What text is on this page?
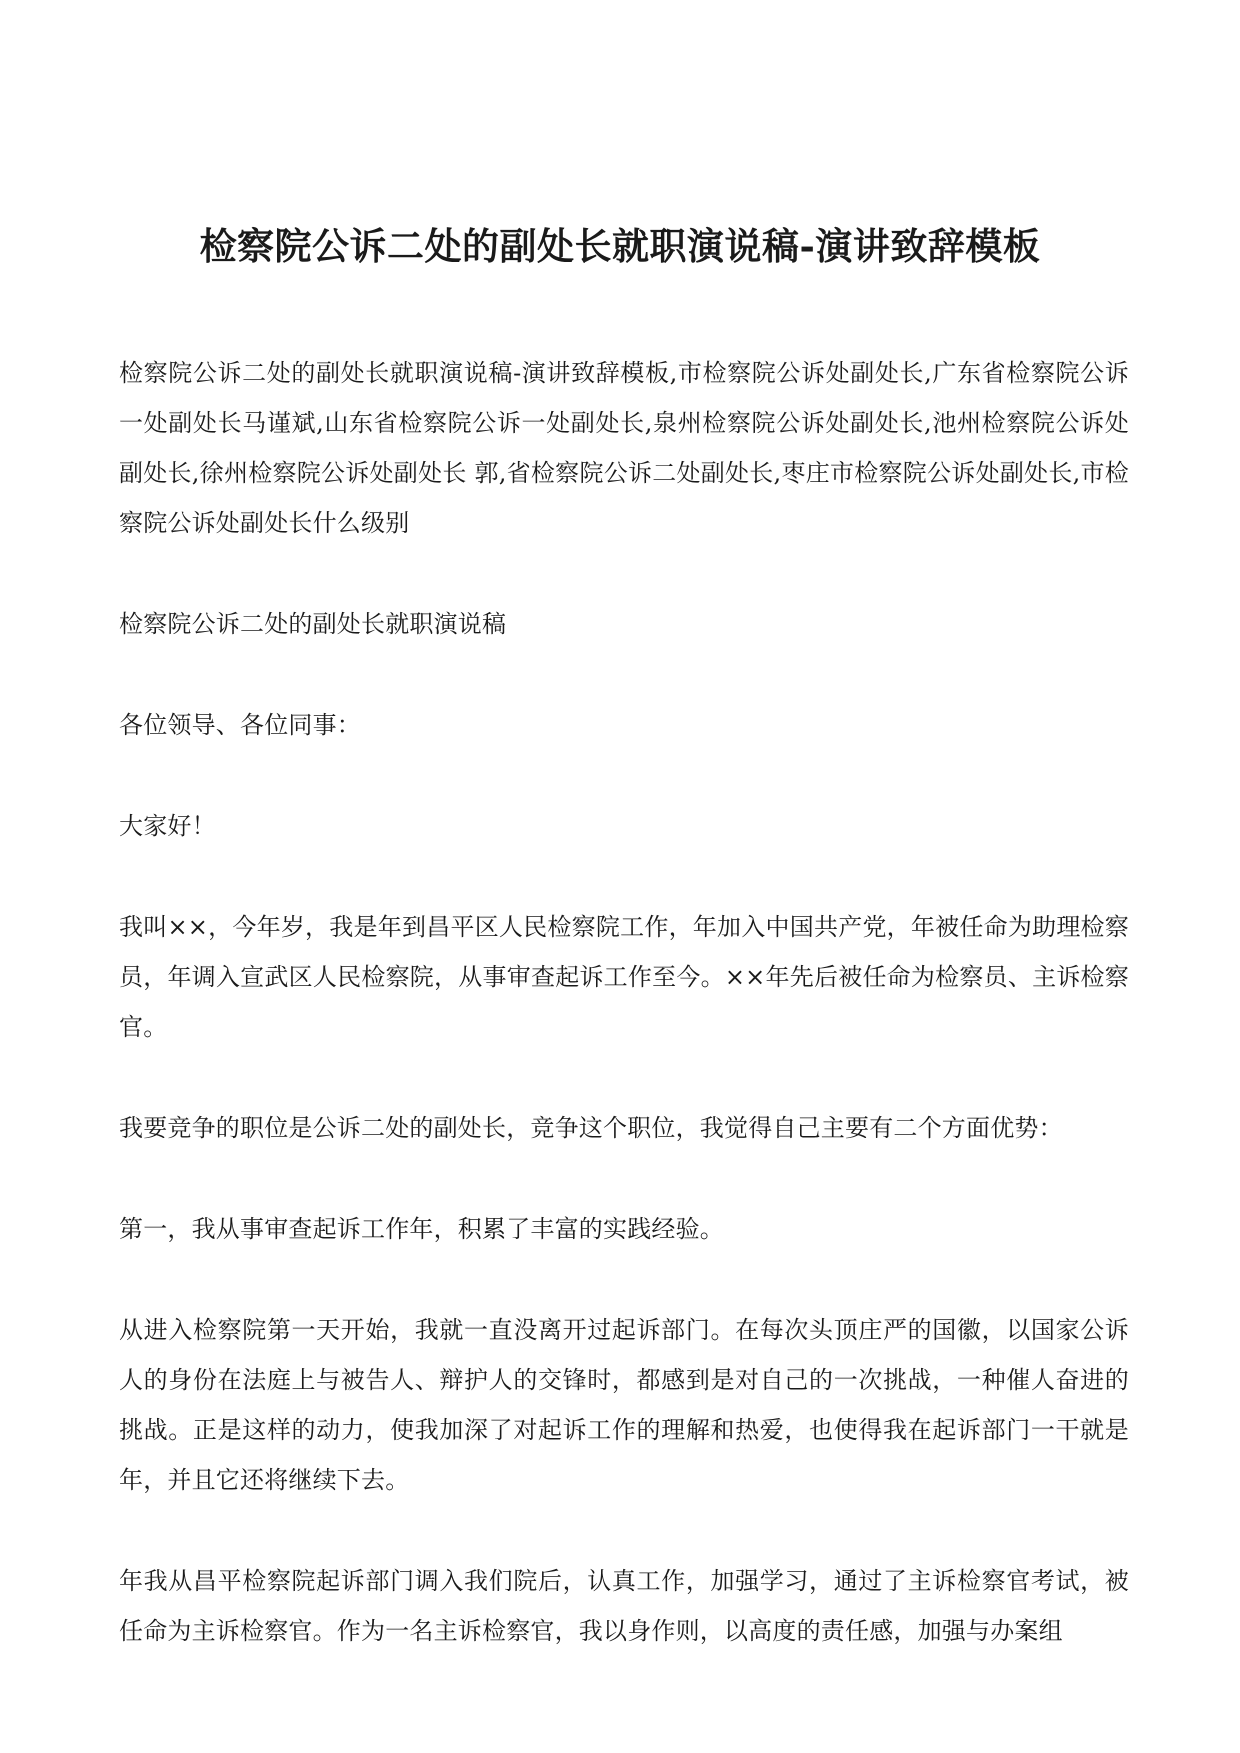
检察院公诉二处的副处长就职演说稿-演讲致辞模板

检察院公诉二处的副处长就职演说稿-演讲致辞模板,市检察院公诉处副处长,广东省检察院公诉一处副处长马谨斌,山东省检察院公诉一处副处长,泉州检察院公诉处副处长,池州检察院公诉处副处长,徐州检察院公诉处副处长 郭,省检察院公诉二处副处长,枣庄市检察院公诉处副处长,市检察院公诉处副处长什么级别

检察院公诉二处的副处长就职演说稿

各位领导、各位同事：

大家好！

我叫××，今年岁，我是年到昌平区人民检察院工作，年加入中国共产党，年被任命为助理检察员，年调入宣武区人民检察院，从事审查起诉工作至今。××年先后被任命为检察员、主诉检察官。

我要竞争的职位是公诉二处的副处长，竞争这个职位，我觉得自己主要有二个方面优势：

第一，我从事审查起诉工作年，积累了丰富的实践经验。

从进入检察院第一天开始，我就一直没离开过起诉部门。在每次头顶庄严的国徽，以国家公诉人的身份在法庭上与被告人、辩护人的交锋时，都感到是对自己的一次挑战，一种催人奋进的挑战。正是这样的动力，使我加深了对起诉工作的理解和热爱，也使得我在起诉部门一干就是年，并且它还将继续下去。

年我从昌平检察院起诉部门调入我们院后，认真工作，加强学习，通过了主诉检察官考试，被任命为主诉检察官。作为一名主诉检察官，我以身作则，以高度的责任感，加强与办案组
